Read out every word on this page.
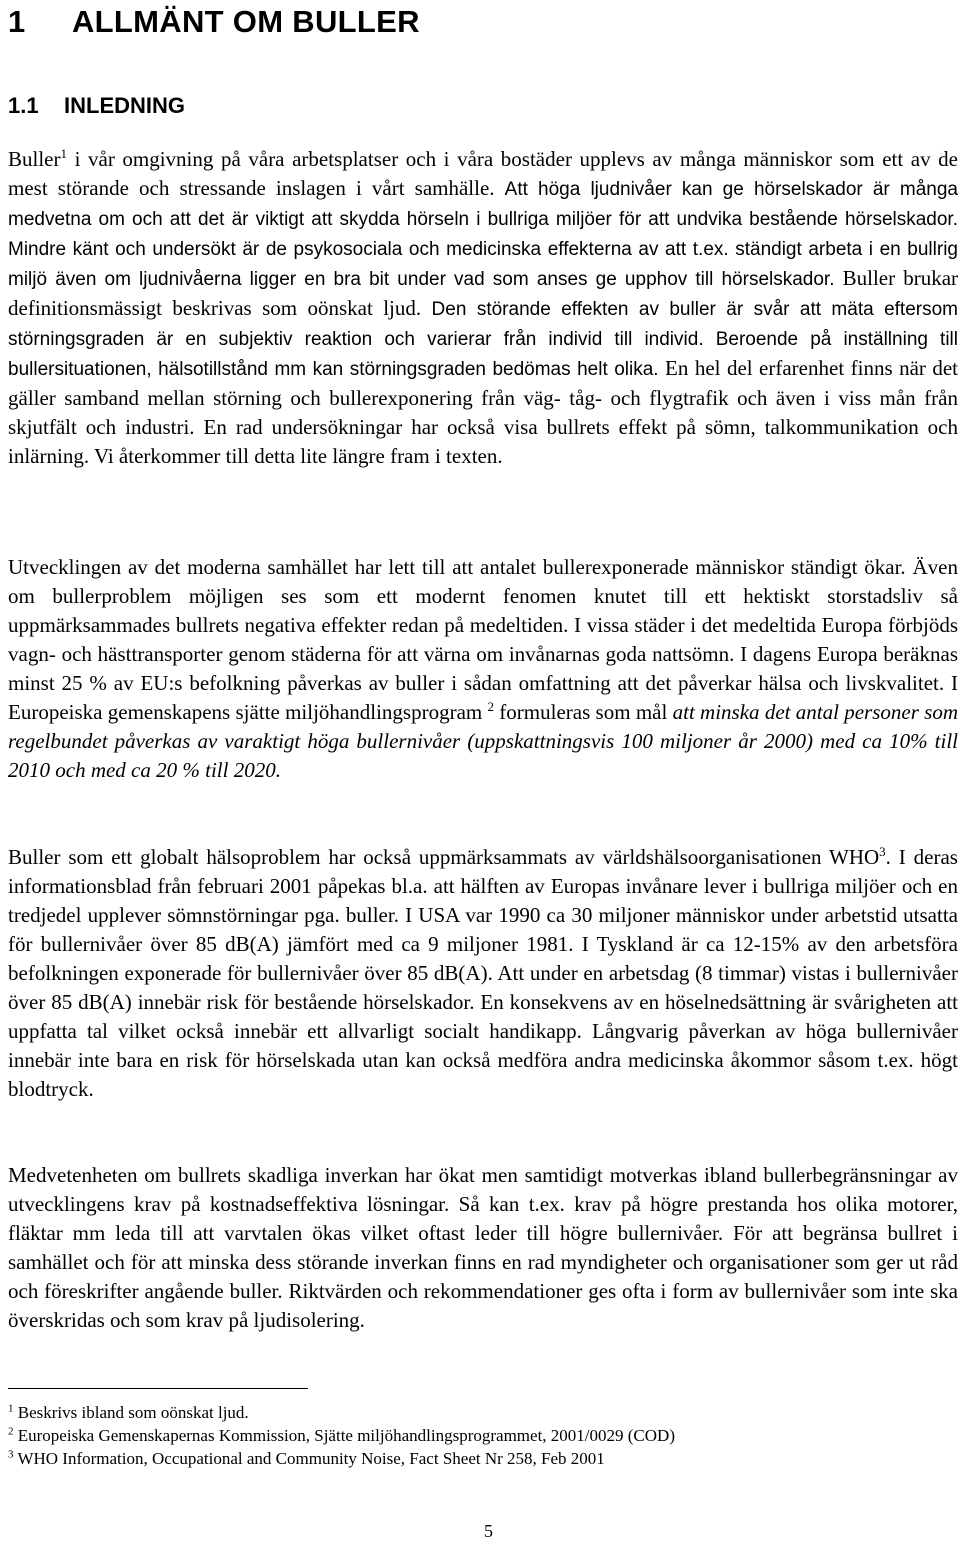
1 ALLMÄNT OM BULLER
1.1 INLEDNING

Buller$^1$ i vår omgivning på våra arbetsplatser och i våra bostäder upplevs av många människor som ett av de mest störande och stressande inslagen i vårt samhälle. Att höga ljudnivåer kan ge hörselskador är många medvetna om och att det är viktigt att skydda hörseln i bullriga miljöer för att undvika bestående hörselskador. Mindre känt och undersökt är de psykosociala och medicinska effekterna av att t.ex. ständigt arbeta i en bullrig miljö även om ljudnivåerna ligger en bra bit under vad som anses ge upphov till hörselskador. Buller brukar definitionsmässigt beskrivas som oönskat ljud. Den störande effekten av buller är svår att mäta eftersom störningsgraden är en subjektiv reaktion och varierar från individ till individ. Beroende på inställning till bullersituationen, hälsotillstånd mm kan störningsgraden bedömas helt olika. En hel del erfarenhet finns när det gäller samband mellan störning och bullerexponering från väg- tåg- och flygtrafik och även i viss mån från skjutfält och industri. En rad undersökningar har också visa bullrets effekt på sömn, talkommunikation och inlärning. Vi återkommer till detta lite längre fram i texten.

Utvecklingen av det moderna samhället har lett till att antalet bullerexponerade människor ständigt ökar. Även om bullerproblem möjligen ses som ett modernt fenomen knutet till ett hektiskt storstadsliv så uppmärksammades bullrets negativa effekter redan på medeltiden. I vissa städer i det medeltida Europa förbjöds vagn- och hästtransporter genom städerna för att värna om invånarnas goda nattsömn. I dagens Europa beräknas minst 25 % av EU:s befolkning påverkas av buller i sådan omfattning att det påverkar hälsa och livskvalitet. I Europeiska gemenskapens sjätte miljöhandlingsprogram $^2$ formuleras som mål att minska det antal personer som regelbundet påverkas av varaktigt höga bullernivåer (uppskattningsvis 100 miljoner år 2000) med ca 10% till 2010 och med ca 20 % till 2020.

Buller som ett globalt hälsoproblem har också uppmärksammats av världshälsoorganisationen WHO$^3$. I deras informationsblad från februari 2001 påpekas bl.a. att hälften av Europas invånare lever i bullriga miljöer och en tredjedel upplever sömnstörningar pga. buller. I USA var 1990 ca 30 miljoner människor under arbetstid utsatta för bullernivåer över 85 dB(A) jämfört med ca 9 miljoner 1981. I Tyskland är ca 12-15% av den arbetsföra befolkningen exponerade för bullernivåer över 85 dB(A). Att under en arbetsdag (8 timmar) vistas i bullernivåer över 85 dB(A) innebär risk för bestående hörselskador. En konsekvens av en höselnedsättning är svårigheten att uppfatta tal vilket också innebär ett allvarligt socialt handikapp. Långvarig påverkan av höga bullernivåer innebär inte bara en risk för hörselskada utan kan också medföra andra medicinska åkommor såsom t.ex. högt blodtryck.

Medvetenheten om bullrets skadliga inverkan har ökat men samtidigt motverkas ibland bullerbegränsningar av utvecklingens krav på kostnadseffektiva lösningar. Så kan t.ex. krav på högre prestanda hos olika motorer, fläktar mm leda till att varvtalen ökas vilket oftast leder till högre bullernivåer. För att begränsa bullret i samhället och för att minska dess störande inverkan finns en rad myndigheter och organisationer som ger ut råd och föreskrifter angående buller. Riktvärden och rekommendationer ges ofta i form av bullernivåer som inte ska överskridas och som krav på ljudisolering.

$^1$ Beskrivs ibland som oönskat ljud.
$^2$ Europeiska Gemenskapernas Kommission, Sjätte miljöhandlingsprogrammet, 2001/0029 (COD)
$^3$ WHO Information, Occupational and Community Noise, Fact Sheet Nr 258, Feb 2001
5
